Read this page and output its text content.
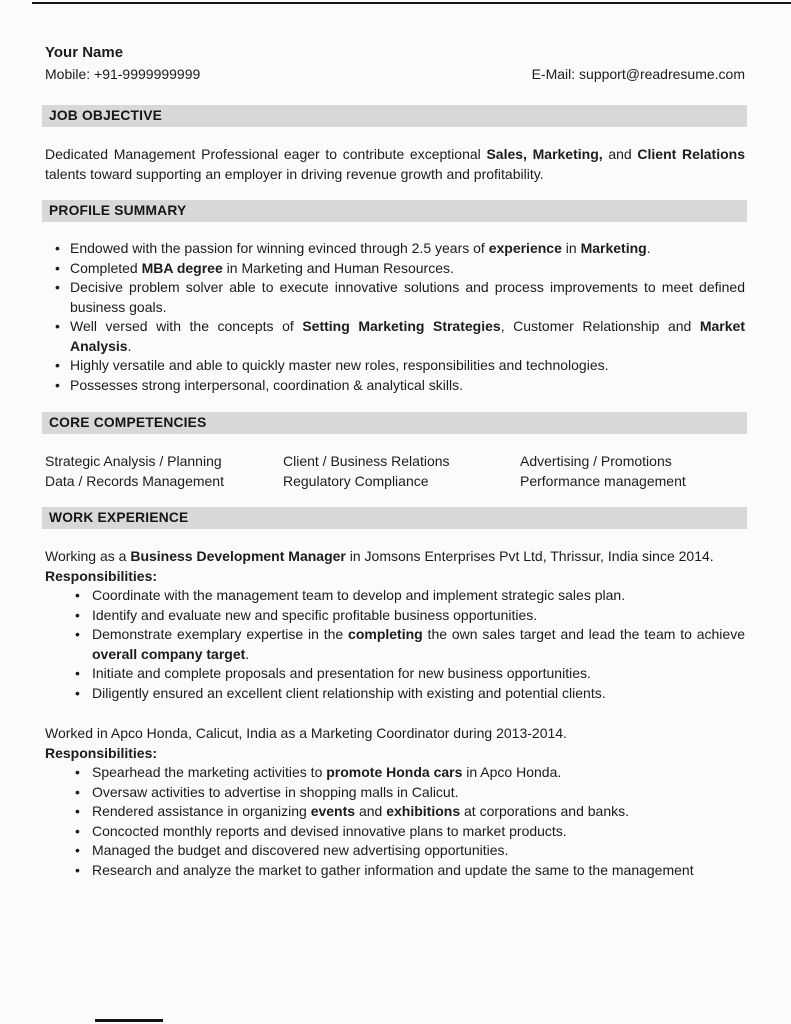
Your Name
Mobile: +91-9999999999	E-Mail: support@readresume.com
JOB OBJECTIVE
Dedicated Management Professional eager to contribute exceptional Sales, Marketing, and Client Relations talents toward supporting an employer in driving revenue growth and profitability.
PROFILE SUMMARY
• Endowed with the passion for winning evinced through 2.5 years of experience in Marketing.
• Completed MBA degree in Marketing and Human Resources.
• Decisive problem solver able to execute innovative solutions and process improvements to meet defined business goals.
• Well versed with the concepts of Setting Marketing Strategies, Customer Relationship and Market Analysis.
• Highly versatile and able to quickly master new roles, responsibilities and technologies.
• Possesses strong interpersonal, coordination & analytical skills.
CORE COMPETENCIES
Strategic Analysis / Planning	Client / Business Relations	Advertising / Promotions
Data / Records Management	Regulatory Compliance	Performance management
WORK EXPERIENCE
Working as a Business Development Manager in Jomsons Enterprises Pvt Ltd, Thrissur, India since 2014.
Responsibilities:
• Coordinate with the management team to develop and implement strategic sales plan.
• Identify and evaluate new and specific profitable business opportunities.
• Demonstrate exemplary expertise in the completing the own sales target and lead the team to achieve overall company target.
• Initiate and complete proposals and presentation for new business opportunities.
• Diligently ensured an excellent client relationship with existing and potential clients.
Worked in Apco Honda, Calicut, India as a Marketing Coordinator during 2013-2014.
Responsibilities:
• Spearhead the marketing activities to promote Honda cars in Apco Honda.
• Oversaw activities to advertise in shopping malls in Calicut.
• Rendered assistance in organizing events and exhibitions at corporations and banks.
• Concocted monthly reports and devised innovative plans to market products.
• Managed the budget and discovered new advertising opportunities.
• Research and analyze the market to gather information and update the same to the management
